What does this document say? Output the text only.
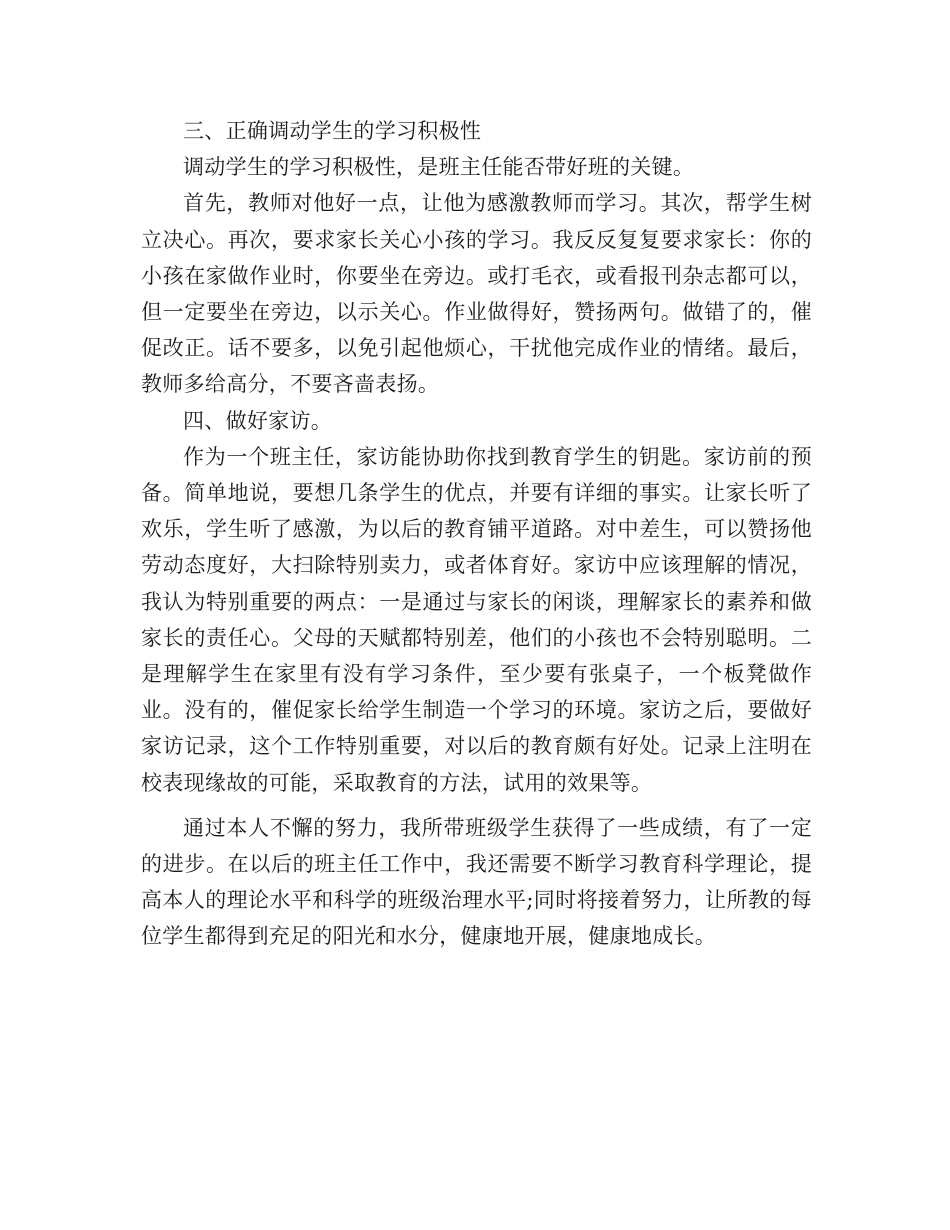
三、正确调动学生的学习积极性

调动学生的学习积极性，是班主任能否带好班的关键。

首先，教师对他好一点，让他为感激教师而学习。其次，帮学生树立决心。再次，要求家长关心小孩的学习。我反反复复要求家长：你的小孩在家做作业时，你要坐在旁边。或打毛衣，或看报刊杂志都可以，但一定要坐在旁边，以示关心。作业做得好，赞扬两句。做错了的，催促改正。话不要多，以免引起他烦心，干扰他完成作业的情绪。最后，教师多给高分，不要吝啬表扬。

四、做好家访。

作为一个班主任，家访能协助你找到教育学生的钥匙。家访前的预备。简单地说，要想几条学生的优点，并要有详细的事实。让家长听了欢乐，学生听了感激，为以后的教育铺平道路。对中差生，可以赞扬他劳动态度好，大扫除特别卖力，或者体育好。家访中应该理解的情况，我认为特别重要的两点：一是通过与家长的闲谈，理解家长的素养和做家长的责任心。父母的天赋都特别差，他们的小孩也不会特别聪明。二是理解学生在家里有没有学习条件，至少要有张桌子，一个板凳做作业。没有的，催促家长给学生制造一个学习的环境。家访之后，要做好家访记录，这个工作特别重要，对以后的教育颇有好处。记录上注明在校表现缘故的可能，采取教育的方法，试用的效果等。

通过本人不懈的努力，我所带班级学生获得了一些成绩，有了一定的进步。在以后的班主任工作中，我还需要不断学习教育科学理论，提高本人的理论水平和科学的班级治理水平;同时将接着努力，让所教的每位学生都得到充足的阳光和水分，健康地开展，健康地成长。
